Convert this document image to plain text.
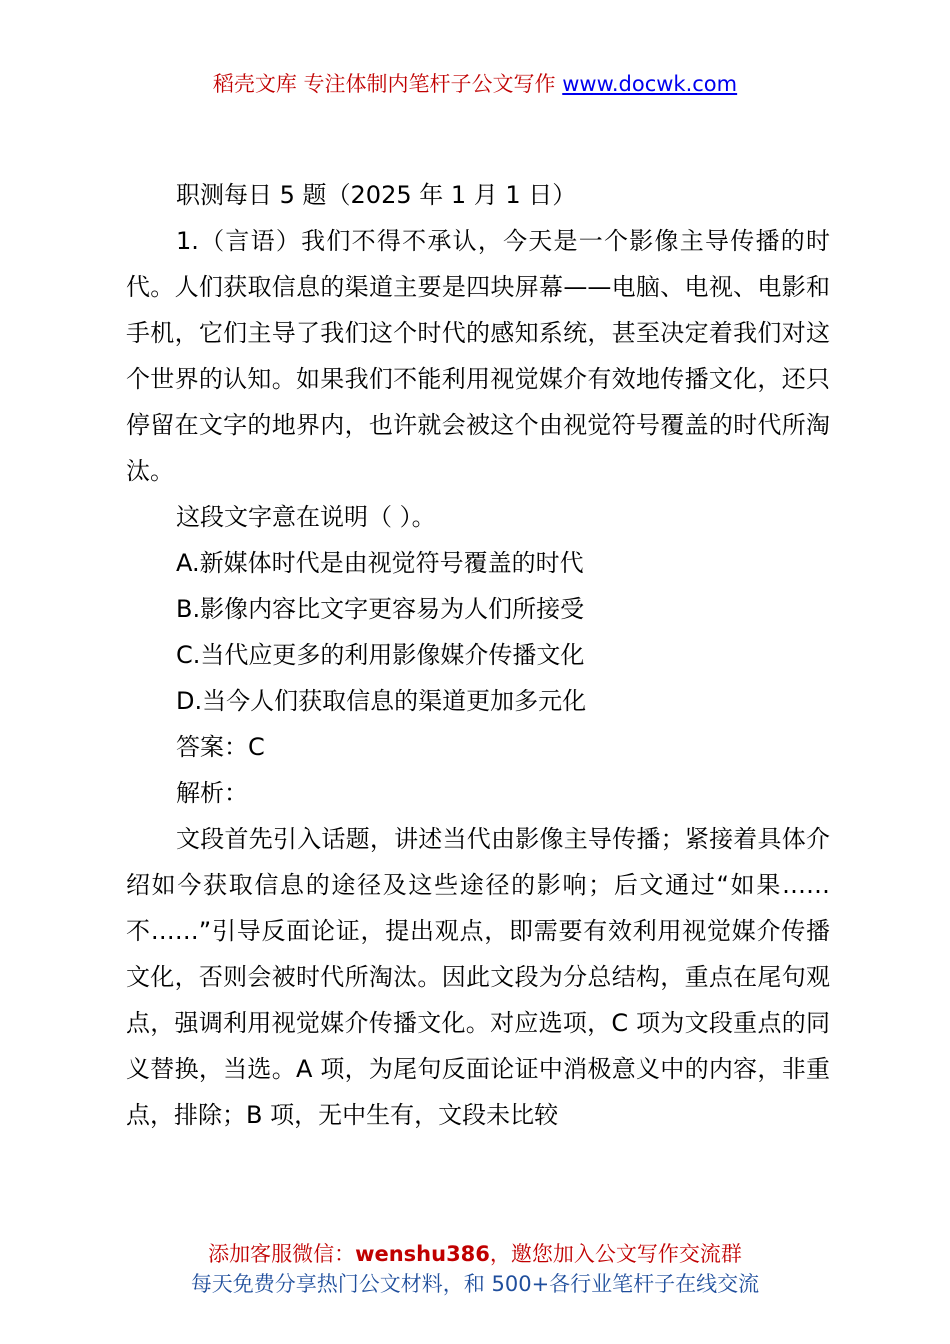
稻壳文库 专注体制内笔杆子公文写作 www.docwk.com

职测每日 5 题（2025 年 1 月 1 日）

1.（言语）我们不得不承认，今天是一个影像主导传播的时代。人们获取信息的渠道主要是四块屏幕——电脑、电视、电影和手机，它们主导了我们这个时代的感知系统，甚至决定着我们对这个世界的认知。如果我们不能利用视觉媒介有效地传播文化，还只停留在文字的地界内，也许就会被这个由视觉符号覆盖的时代所淘汰。

这段文字意在说明（ ）。

A.新媒体时代是由视觉符号覆盖的时代

B.影像内容比文字更容易为人们所接受

C.当代应更多的利用影像媒介传播文化

D.当今人们获取信息的渠道更加多元化

答案：C

解析：

文段首先引入话题，讲述当代由影像主导传播；紧接着具体介绍如今获取信息的途径及这些途径的影响；后文通过“如果……不……”引导反面论证，提出观点，即需要有效利用视觉媒介传播文化，否则会被时代所淘汰。因此文段为分总结构，重点在尾句观点，强调利用视觉媒介传播文化。对应选项，C 项为文段重点的同义替换，当选。A 项，为尾句反面论证中消极意义中的内容，非重点，排除；B 项，无中生有，文段未比较

添加客服微信：wenshu386，邀您加入公文写作交流群
每天免费分享热门公文材料，和 500+各行业笔杆子在线交流
